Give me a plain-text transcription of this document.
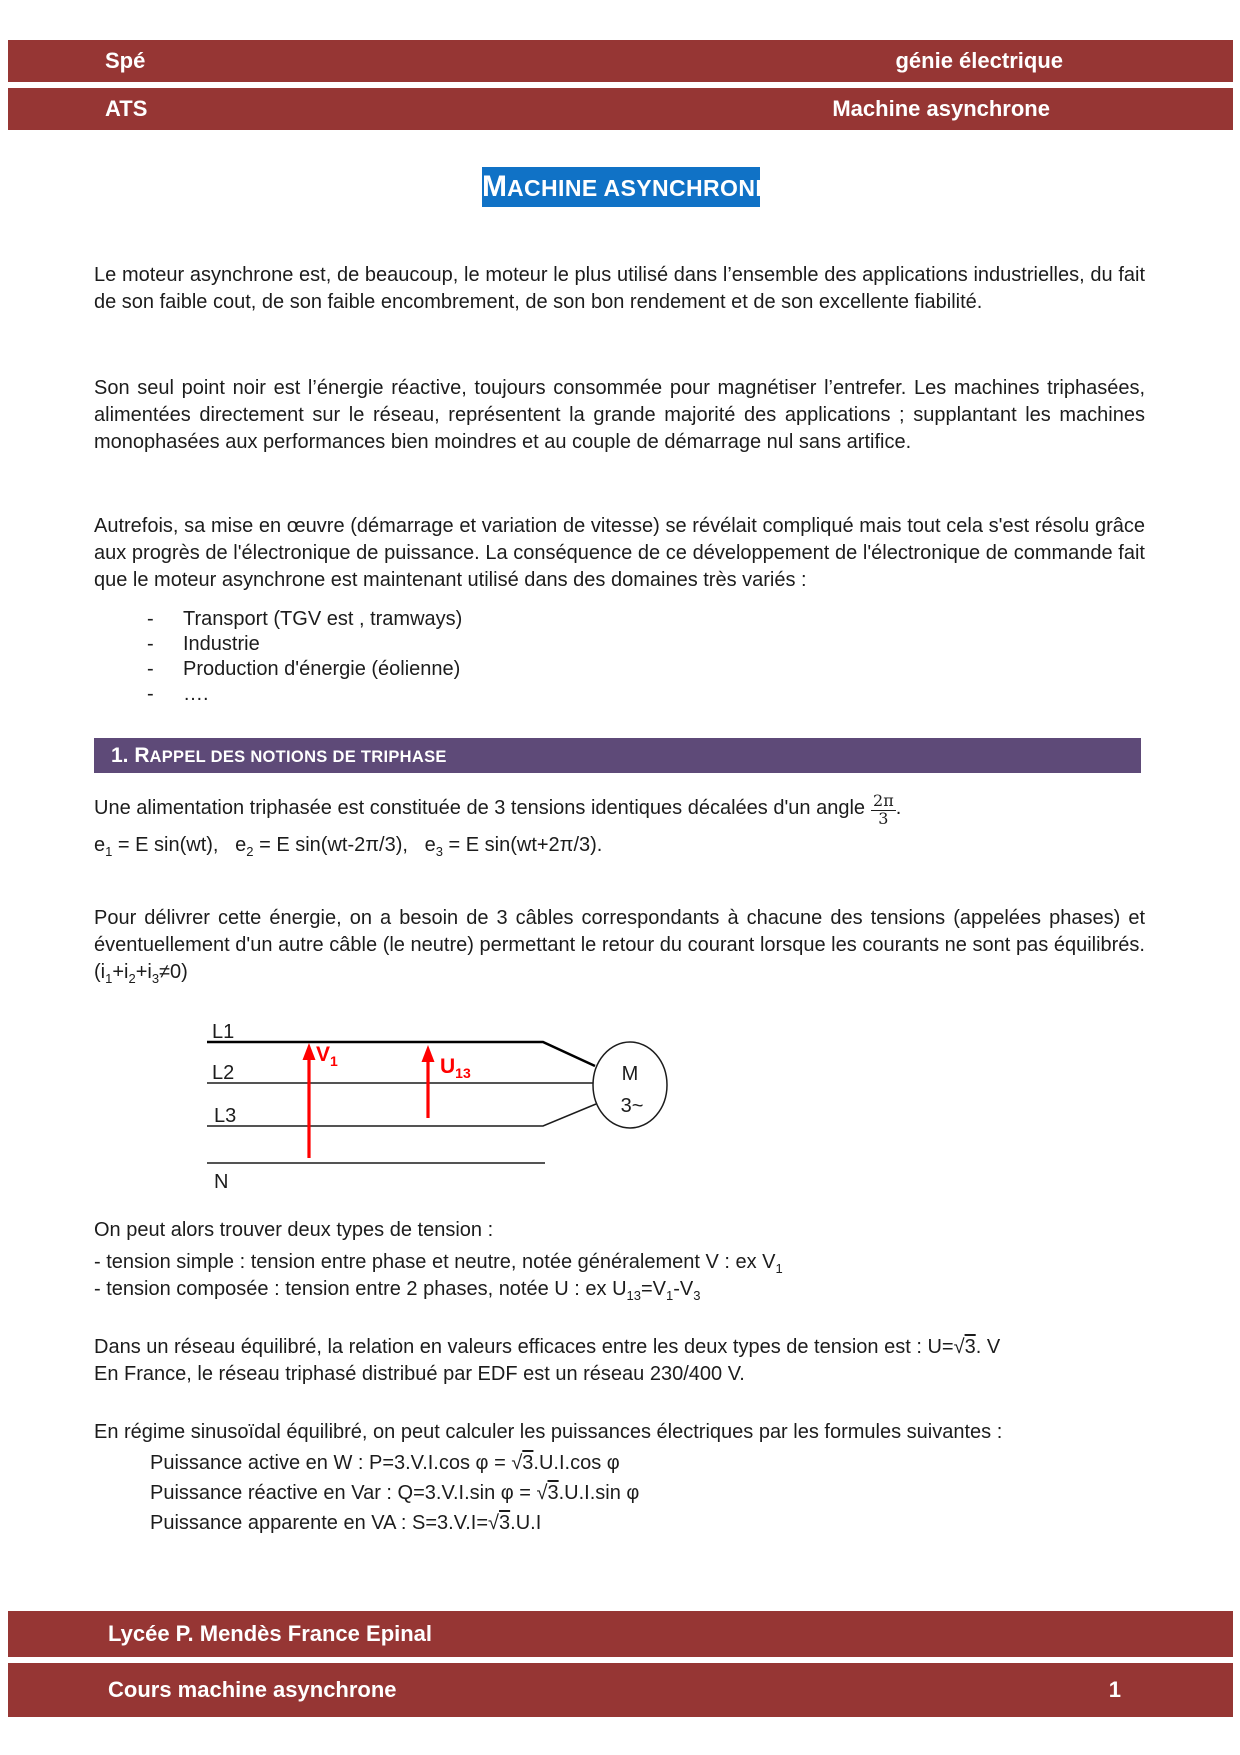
Spé	génie électrique
ATS	Machine asynchrone
MACHINE ASYNCHRONE

Le moteur asynchrone est, de beaucoup, le moteur le plus utilisé dans l’ensemble des applications industrielles, du fait de son faible cout, de son faible encombrement, de son bon rendement et de son excellente fiabilité.

Son seul point noir est l’énergie réactive, toujours consommée pour magnétiser l’entrefer. Les machines triphasées, alimentées directement sur le réseau, représentent la grande majorité des applications ; supplantant les machines monophasées aux performances bien moindres et au couple de démarrage nul sans artifice.

Autrefois, sa mise en œuvre (démarrage et variation de vitesse) se révélait compliqué mais tout cela s'est résolu grâce aux progrès de l'électronique de puissance. La conséquence de ce développement de l'électronique de commande fait que le moteur asynchrone est maintenant utilisé dans des domaines très variés :

- Transport (TGV est , tramways)
- Industrie
- Production d'énergie (éolienne)
- ….
1. RAPPEL DES NOTIONS DE TRIPHASE
Une alimentation triphasée est constituée de 3 tensions identiques décalées d'un angle $\frac{2\pi}{3}$ .
$e_1 = E$ sin(wt),   $e_2 = E$ sin(wt-2π/3),   $e_3 = E$ sin(wt+2π/3).

Pour délivrer cette énergie, on a besoin de 3 câbles correspondants à chacune des tensions (appelées phases) et éventuellement d'un autre câble (le neutre) permettant le retour du courant lorsque les courants ne sont pas équilibrés. $(i_1+i_2+i_3\ne 0)$

L1
L2
L3
N
M
3~
$V_1$	$U_{13}$
On peut alors trouver deux types de tension :
- tension simple : tension entre phase et neutre, notée généralement V : ex $V_1$
- tension composée : tension entre 2 phases, notée U : ex $U_{13}=V_1-V_3$
Dans un réseau équilibré, la relation en valeurs efficaces entre les deux types de tension est : U=√3. V
En France, le réseau triphasé distribué par EDF est un réseau 230/400 V.
En régime sinusoïdal équilibré, on peut calculer les puissances électriques par les formules suivantes :
Puissance active en W : P=3.V.I.cos φ = √3.U.I.cos φ
Puissance réactive en Var : Q=3.V.I.sin φ = √3.U.I.sin φ
Puissance apparente en VA : S=3.V.I=√3.U.I
Lycée P. Mendès France Epinal
Cours machine asynchrone	1
